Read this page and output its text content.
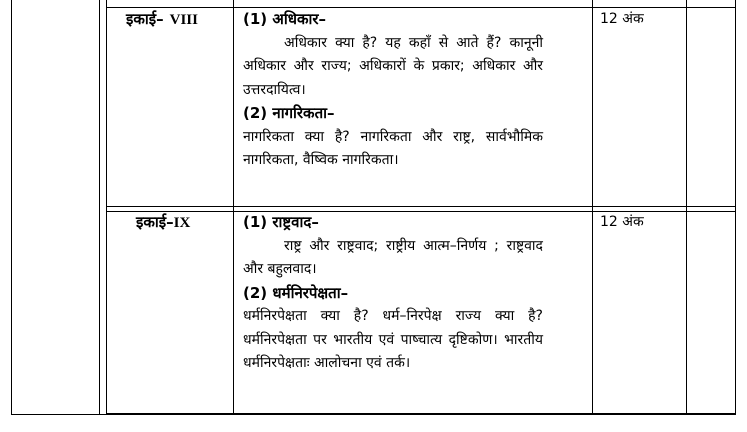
इकाई– VIII	(1) अधिकार–
अधिकार क्या है? यह कहाँ से आते हैं? कानूनी अधिकार और राज्य; अधिकारों के प्रकार; अधिकार और उत्तरदायित्व।
(2) नागरिकता–
नागरिकता क्या है? नागरिकता और राष्ट्र, सार्वभौमिक नागरिकता, वैष्विक नागरिकता।
12 अंक
इकाई–IX	(1) राष्ट्रवाद–
राष्ट्र और राष्ट्रवाद; राष्ट्रीय आत्म–निर्णय ; राष्ट्रवाद और बहुलवाद।
(2) धर्मनिरपेक्षता–
धर्मनिरपेक्षता क्या है? धर्म–निरपेक्ष राज्य क्या है? धर्मनिरपेक्षता पर भारतीय एवं पाष्चात्य दृष्टिकोण। भारतीय धर्मनिरपेक्षताः आलोचना एवं तर्क।
12 अंक
